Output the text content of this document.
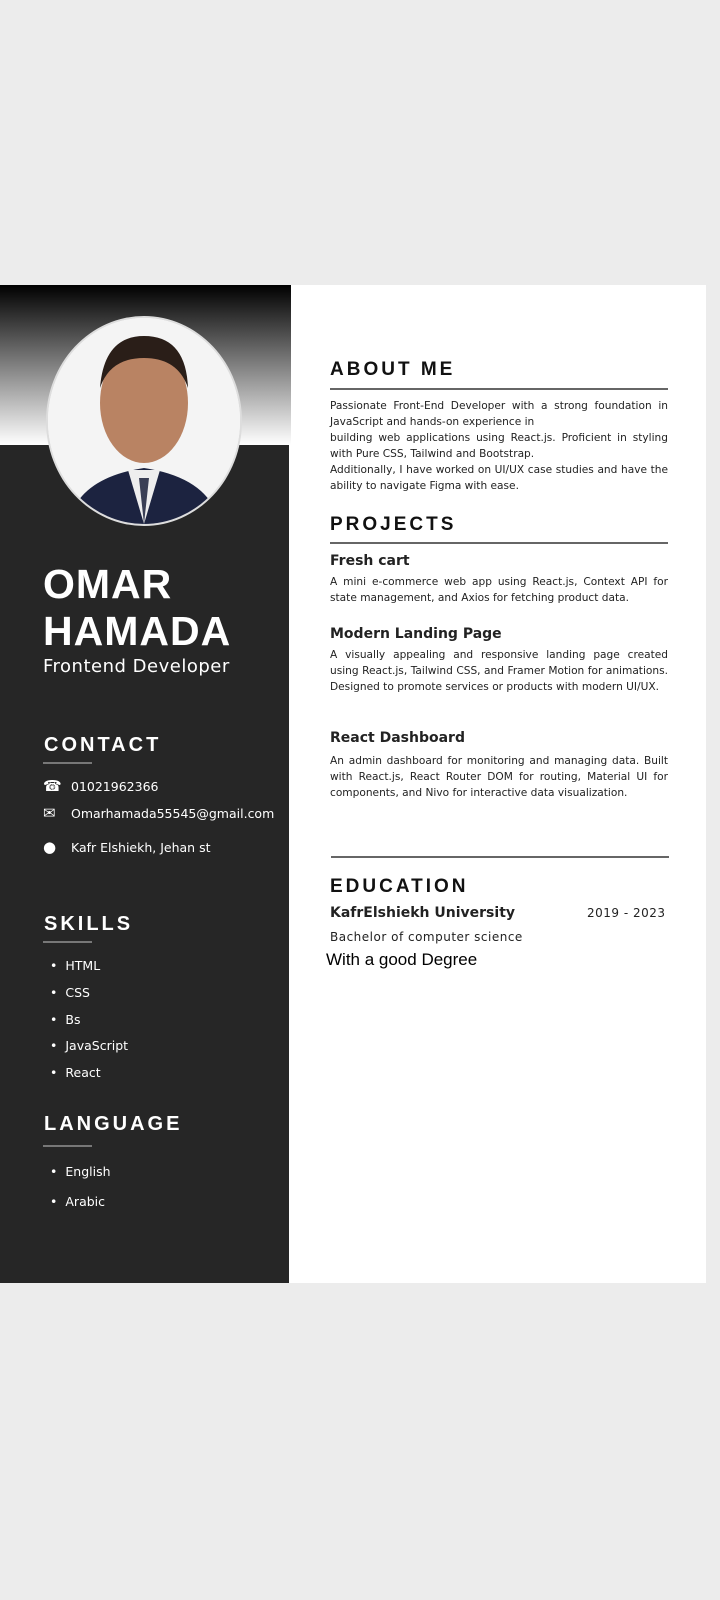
OMAR
HAMADA
Frontend Developer
CONTACT
☎ 01021962366
✉	Omarhamada55545@gmail.com
●	Kafr Elshiekh, Jehan st
SKILLS
• HTML
• CSS
• Bs
• JavaScript
• React
LANGUAGE
• English
• Arabic
ABOUT ME
Passionate Front-End Developer with a strong foundation in JavaScript and hands-on experience in
building web applications using React.js. Proficient in styling with Pure CSS, Tailwind and Bootstrap.
Additionally, I have worked on UI/UX case studies and have the ability to navigate Figma with ease.
PROJECTS
Fresh cart
A mini e-commerce web app using React.js, Context API for state management, and Axios for fetching product data.
Modern Landing Page
A visually appealing and responsive landing page created using React.js, Tailwind CSS, and Framer Motion for animations. Designed to promote services or products with modern UI/UX.
React Dashboard
An admin dashboard for monitoring and managing data. Built with React.js, React Router DOM for routing, Material UI for components, and Nivo for interactive data visualization.
EDUCATION
KafrElshiekh University	2019 - 2023
Bachelor of computer science
With a good Degree
